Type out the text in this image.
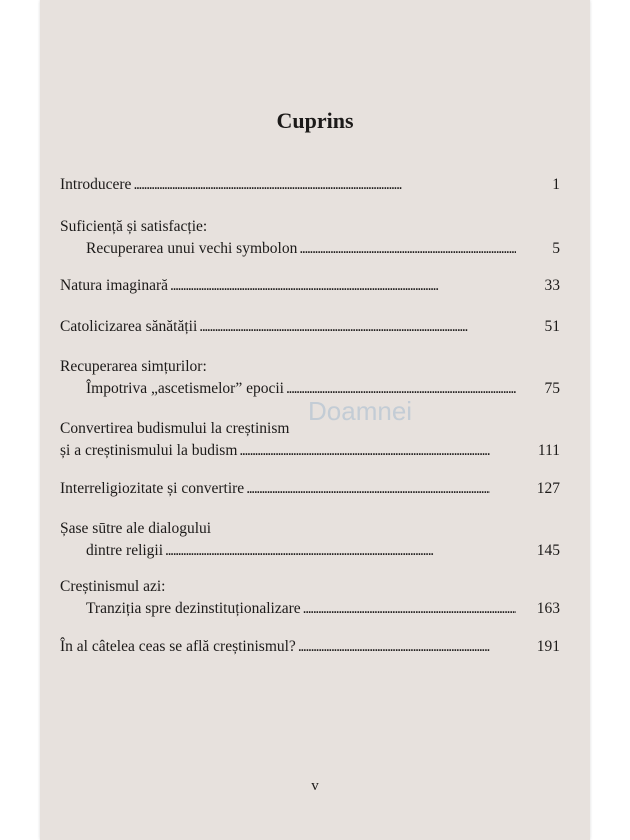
Cuprins
Introducere . . .	1
Suficiență și satisfacție:
Recuperarea unui vechi symbolon . . .	5
Natura imaginară . . .	33
Catolicizarea sănătății . . .	51
Recuperarea simțurilor:
Împotriva „ascetismelor” epocii . . .	75
Convertirea budismului la creștinism
și a creștinismului la budism . . .	111
Interreligiozitate și convertire . . .	127
Șase sūtre ale dialogului
dintre religii . . .	145
Creștinismul azi:
Tranziția spre dezinstituționalizare . . .	163
În al câtelea ceas se află creștinismul? . . .	191
Doamnei
v
